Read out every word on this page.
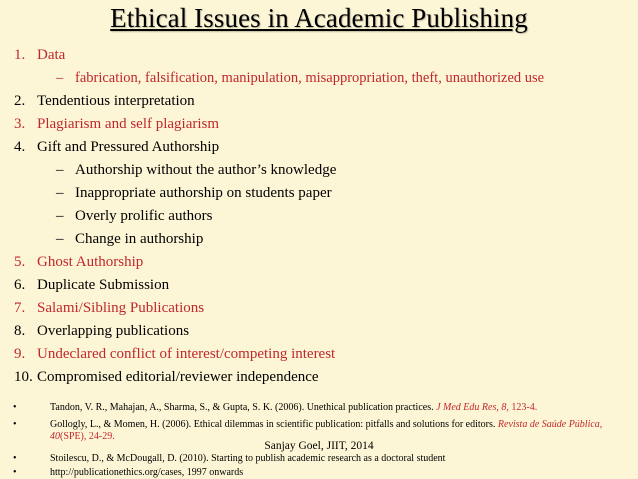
Ethical Issues in Academic Publishing
1. Data
– fabrication, falsification, manipulation, misappropriation, theft, unauthorized use
2. Tendentious interpretation
3. Plagiarism and self plagiarism
4. Gift and Pressured Authorship
– Authorship without the author’s knowledge
– Inappropriate authorship on students paper
– Overly prolific authors
– Change in authorship
5. Ghost Authorship
6. Duplicate Submission
7. Salami/Sibling Publications
8. Overlapping publications
9. Undeclared conflict of interest/competing interest
10. Compromised editorial/reviewer independence
•	Tandon, V. R., Mahajan, A., Sharma, S., & Gupta, S. K. (2006). Unethical publication practices. J Med Edu Res, 8, 123-4.
•	Gollogly, L., & Momen, H. (2006). Ethical dilemmas in scientific publication: pitfalls and solutions for editors. Revista de Saúde Pública, 40(SPE), 24-29.
•	Stoilescu, D., & McDougall, D. (2010). Starting to publish academic research as a doctoral student
•	http://publicationethics.org/cases, 1997 onwards
Sanjay Goel, JIIT, 2014
